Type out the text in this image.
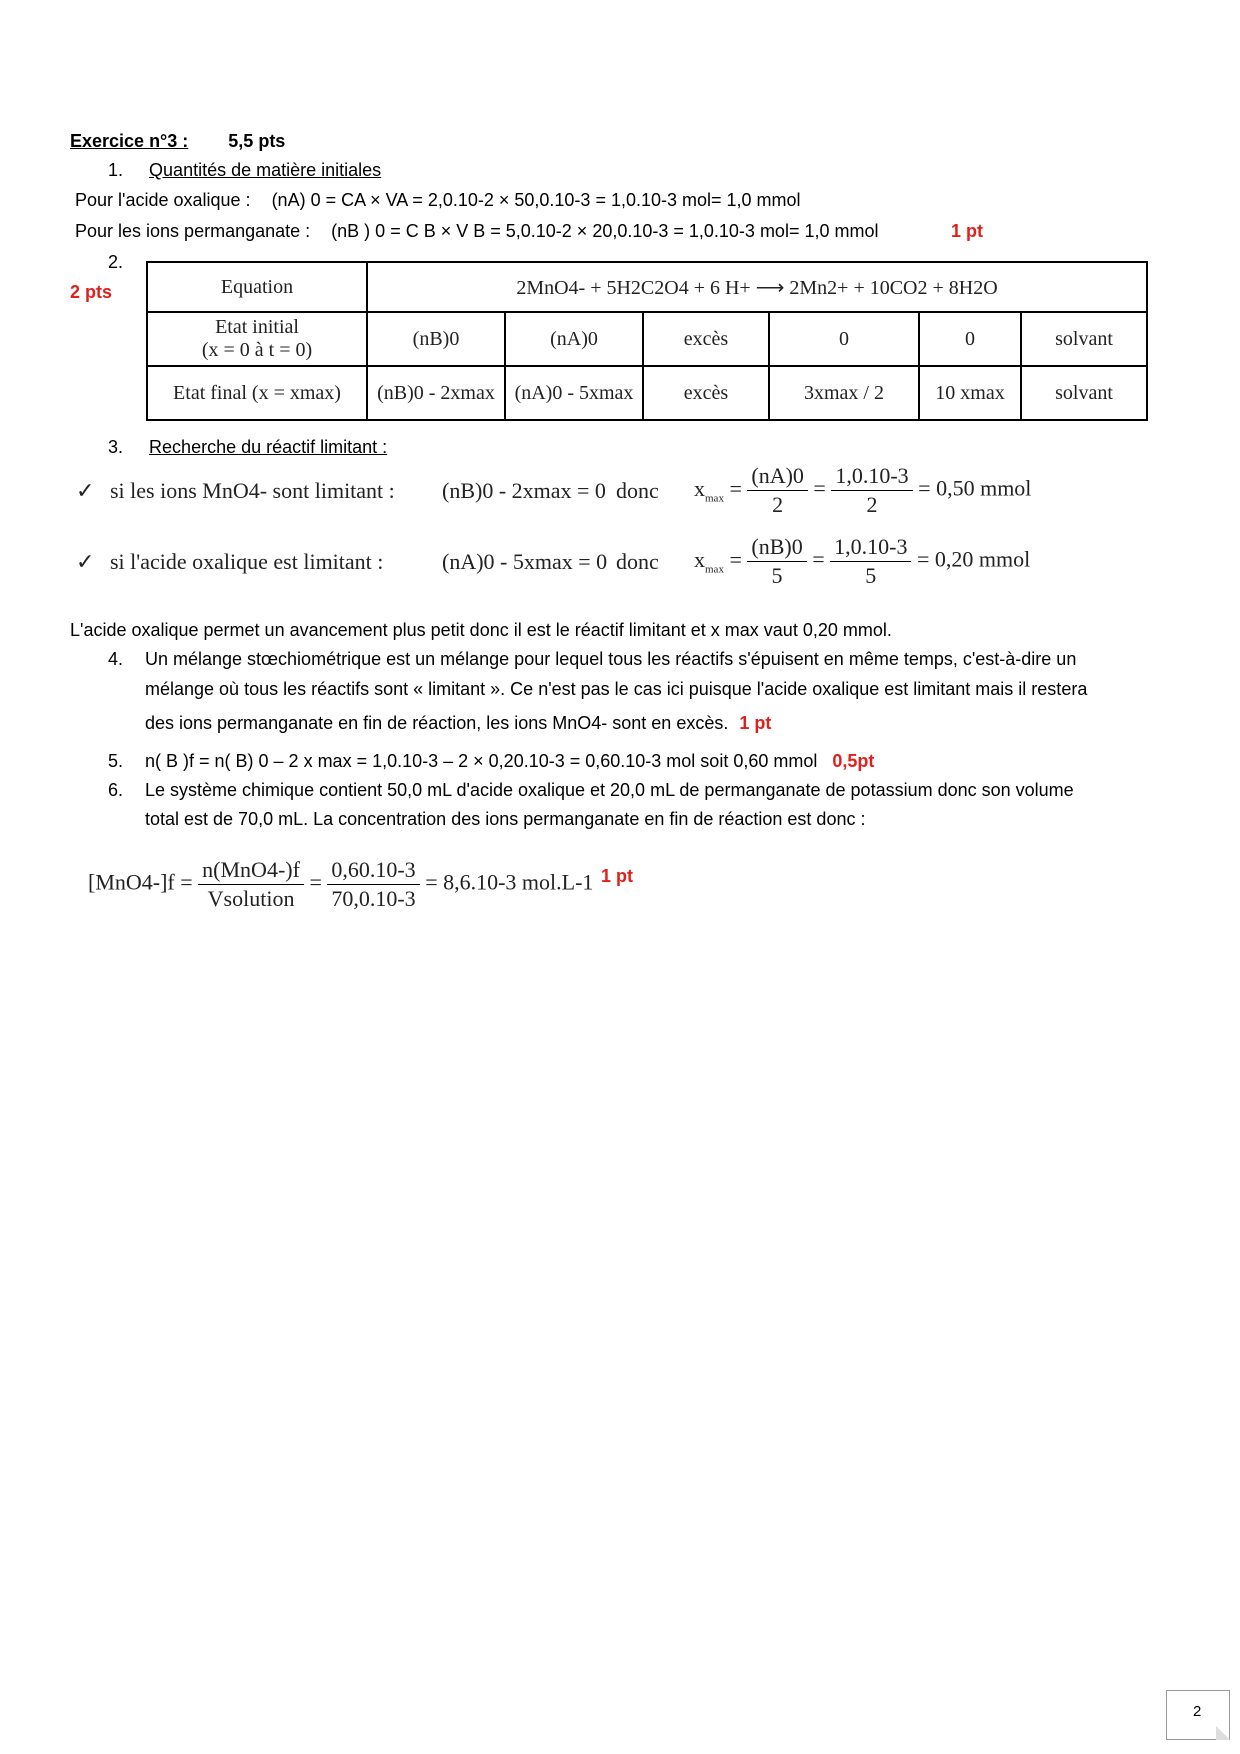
Exercice n°3 : 5,5 pts
1. Quantités de matière initiales
Pour l'acide oxalique : (nA) 0 = CA × VA = 2,0.10-2 × 50,0.10-3 = 1,0.10-3 mol= 1,0 mmol
Pour les ions permanganate : (nB ) 0 = C B × V B = 5,0.10-2 × 20,0.10-3 = 1,0.10-3 mol= 1,0 mmol	1 pt
2.
2 pts	Equation	2MnO4- + 5H2C2O4 + 6 H+ ⟶ 2Mn2+ + 10CO2 + 8H2O					

Etat initial
(x = 0 à t = 0)	(nB)0	(nA)0	excès	0	0	solvant
Etat final (x = xmax)	(nB)0 - 2xmax	(nA)0 - 5xmax	excès	3xmax / 2	10 xmax	solvant
3. Recherche du réactif limitant :
✓ si les ions MnO4- sont limitant : (nB)0 - 2xmax = 0 donc $x_{max} = \frac{(nA)0}{2} = \frac{1,0.10-3}{2} = 0,50$ mmol
✓ si l'acide oxalique est limitant :	(nA)0 - 5xmax = 0 donc $x_{max} = \frac{(nB)0}{5} = \frac{1,0.10-3}{5} = 0,20$ mmol
L'acide oxalique permet un avancement plus petit donc il est le réactif limitant et x max vaut 0,20 mmol.
4. Un mélange stœchiométrique est un mélange pour lequel tous les réactifs s'épuisent en même temps, c'est-à-dire un
mélange où tous les réactifs sont « limitant ». Ce n'est pas le cas ici puisque l'acide oxalique est limitant mais il restera
des ions permanganate en fin de réaction, les ions MnO4- sont en excès. 1 pt
5. n( B )f = n( B) 0 – 2 x max = 1,0.10-3 – 2 × 0,20.10-3 = 0,60.10-3 mol soit 0,60 mmol 0,5pt
6. Le système chimique contient 50,0 mL d'acide oxalique et 20,0 mL de permanganate de potassium donc son volume
total est de 70,0 mL. La concentration des ions permanganate en fin de réaction est donc :
$[MnO4-]f = \frac{\text{n(MnO4-)f}}{\text{Vsolution}} = \frac{0,60.10-3}{70,0.10-3} = 8,6.10-3$ mol.L-1 1 pt
2
